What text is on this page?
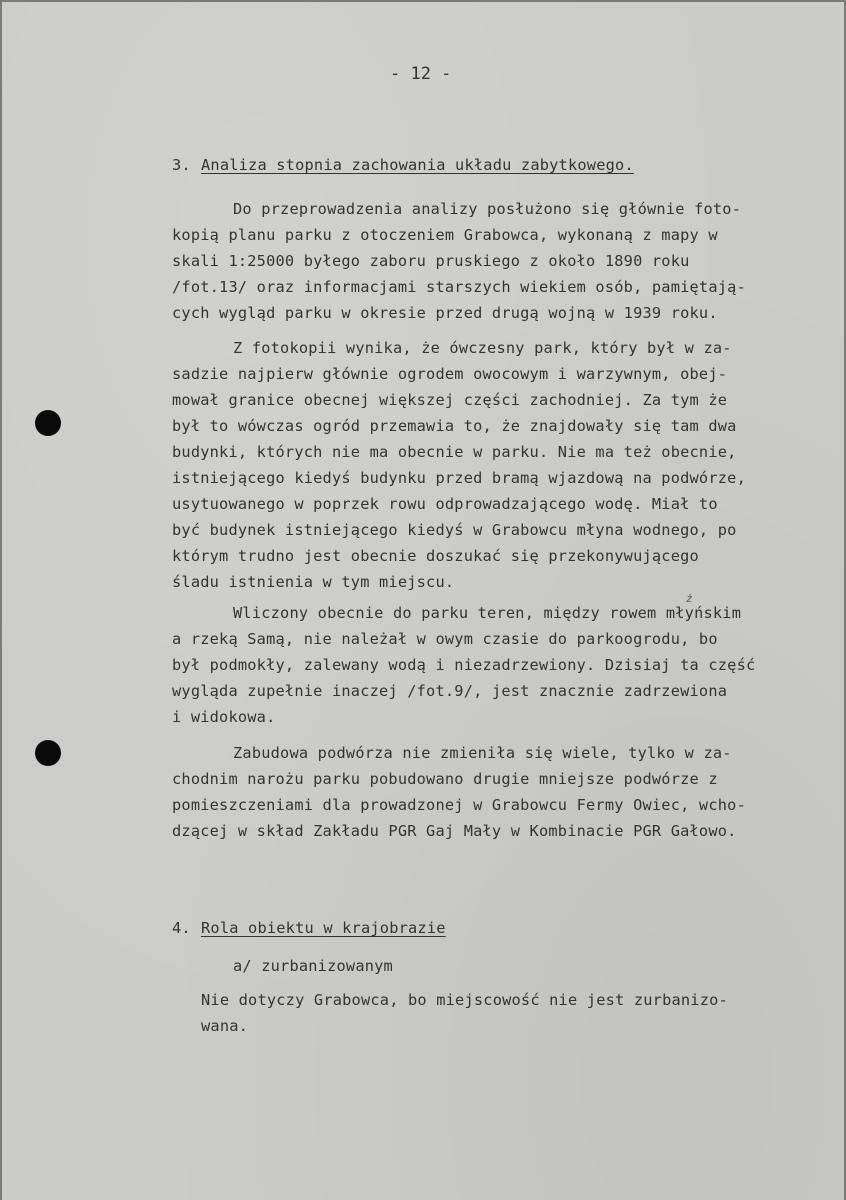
- 12 -
3. Analiza stopnia zachowania układu zabytkowego.
Do przeprowadzenia analizy posłużono się głównie foto-
kopią planu parku z otoczeniem Grabowca, wykonaną z mapy w
skali 1:25000 byłego zaboru pruskiego z około 1890 roku
/fot.13/ oraz informacjami starszych wiekiem osób, pamiętają-
cych wygląd parku w okresie przed drugą wojną w 1939 roku.
Z fotokopii wynika, że ówczesny park, który był w za-
sadzie najpierw głównie ogrodem owocowym i warzywnym, obej-
mował granice obecnej większej części zachodniej. Za tym że
był to wówczas ogród przemawia to, że znajdowały się tam dwa
budynki, których nie ma obecnie w parku. Nie ma też obecnie,
istniejącego kiedyś budynku przed bramą wjazdową na podwórze,
usytuowanego w poprzek rowu odprowadzającego wodę. Miał to
być budynek istniejącego kiedyś w Grabowcu młyna wodnego, po
którym trudno jest obecnie doszukać się przekonywującego
śladu istnienia w tym miejscu.
ż
Wliczony obecnie do parku teren, między rowem młyńskim
a rzeką Samą, nie należał w owym czasie do parkoogrodu, bo
był podmokły, zalewany wodą i niezadrzewiony. Dzisiaj ta część
wygląda zupełnie inaczej /fot.9/, jest znacznie zadrzewiona
i widokowa.
Zabudowa podwórza nie zmieniła się wiele, tylko w za-
chodnim narożu parku pobudowano drugie mniejsze podwórze z
pomieszczeniami dla prowadzonej w Grabowcu Fermy Owiec, wcho-
dzącej w skład Zakładu PGR Gaj Mały w Kombinacie PGR Gałowo.
4. Rola obiektu w krajobrazie
a/ zurbanizowanym
Nie dotyczy Grabowca, bo miejscowość nie jest zurbanizo-
wana.
